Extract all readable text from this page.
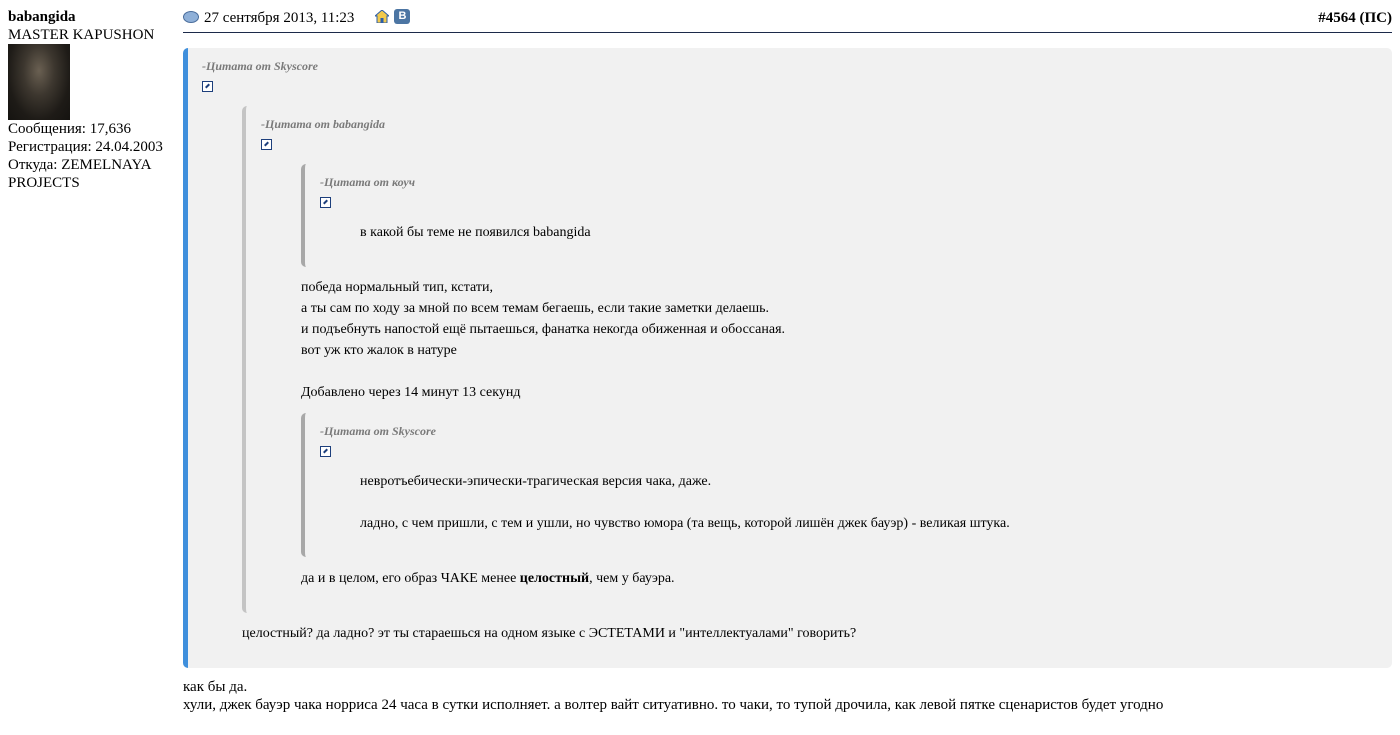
babangida
MASTER KAPUSHON
Сообщения: 17,636
Регистрация: 24.04.2003
Откуда: ZEMELNAYA
PROJECTS
27 сентября 2013, 11:23	В	#4564 (ПС)
-Цитата от Skyscore
-Цитата от babangida
-Цитата от коуч
в какой бы теме не появился babangida
победа нормальный тип, кстати,
а ты сам по ходу за мной по всем темам бегаешь, если такие заметки делаешь.
и подъебнуть напостой ещё пытаешься, фанатка некогда обиженная и обоссаная.
вот уж кто жалок в натуре
Добавлено через 14 минут 13 секунд
-Цитата от Skyscore
невротъебически-эпически-трагическая версия чака, даже.
ладно, с чем пришли, с тем и ушли, но чувство юмора (та вещь, которой лишён джек бауэр) - великая штука.
да и в целом, его образ ЧАКЕ менее целостный, чем у бауэра.
целостный? да ладно? эт ты стараешься на одном языке с ЭСТЕТАМИ и "интеллектуалами" говорить?
как бы да.
хули, джек бауэр чака норриса 24 часа в сутки исполняет. а волтер вайт ситуативно. то чаки, то тупой дрочила, как левой пятке сценаристов будет угодно
